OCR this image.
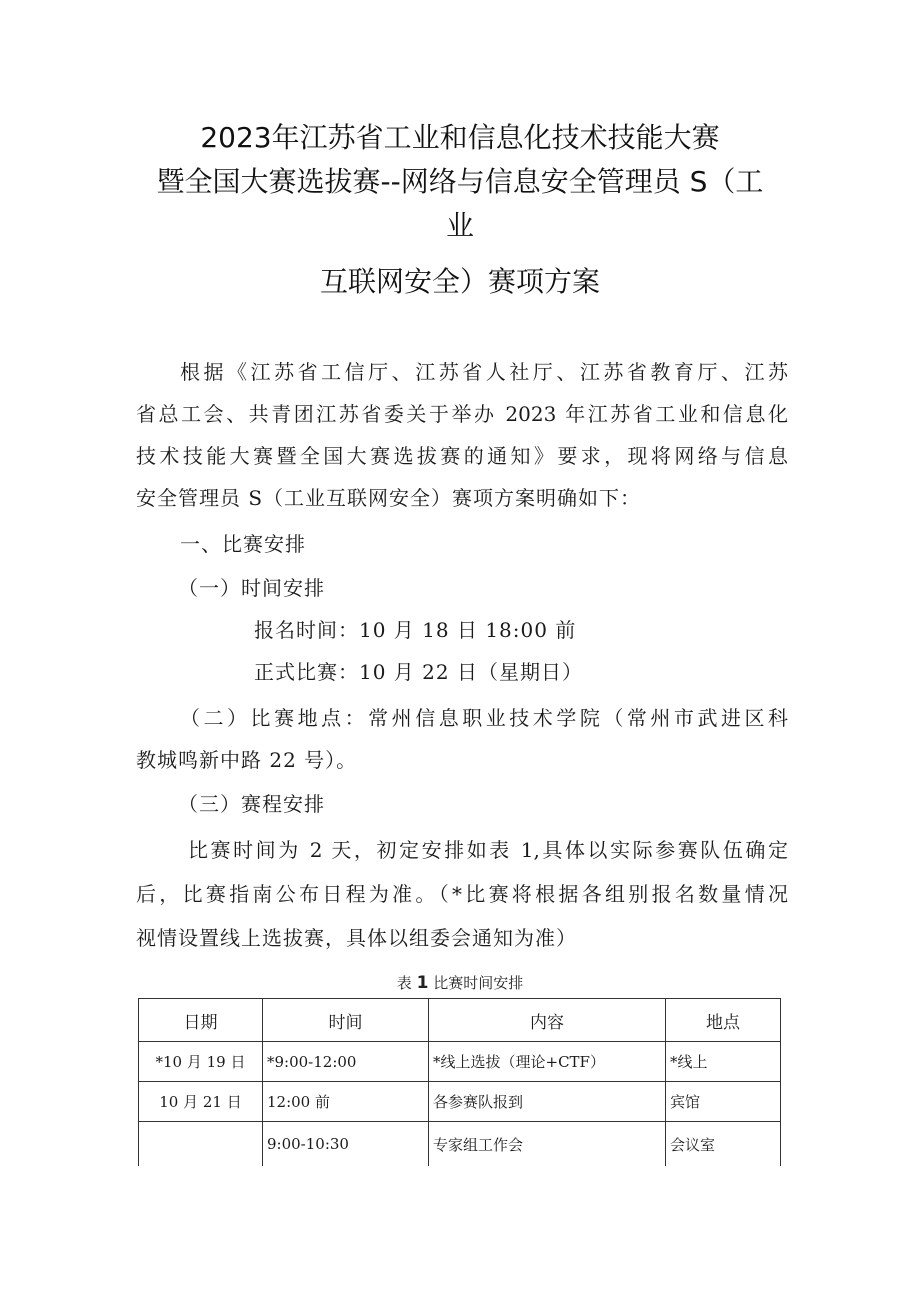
2023年江苏省工业和信息化技术技能大赛
暨全国大赛选拔赛--网络与信息安全管理员 S（工
业
互联网安全）赛项方案
根据《江苏省工信厅、江苏省人社厅、江苏省教育厅、江苏
省总工会、共青团江苏省委关于举办 2023 年江苏省工业和信息化
技术技能大赛暨全国大赛选拔赛的通知》要求，现将网络与信息
安全管理员 S（工业互联网安全）赛项方案明确如下：
一、比赛安排
（一）时间安排
报名时间：10 月 18 日 18:00 前
正式比赛：10 月 22 日（星期日）
（二）比赛地点：常州信息职业技术学院（常州市武进区科
教城鸣新中路 22 号）。
（三）赛程安排
比赛时间为 2 天，初定安排如表 1,具体以实际参赛队伍确定
后，比赛指南公布日程为准。（*比赛将根据各组别报名数量情况
视情设置线上选拔赛，具体以组委会通知为准）
表 1 比赛时间安排
日期	时间	内容	地点
*10 月 19 日	*9:00-12:00	*线上选拔（理论+CTF）	*线上
10 月 21 日	12:00 前	各参赛队报到	宾馆
	9:00-10:30	专家组工作会	会议室
